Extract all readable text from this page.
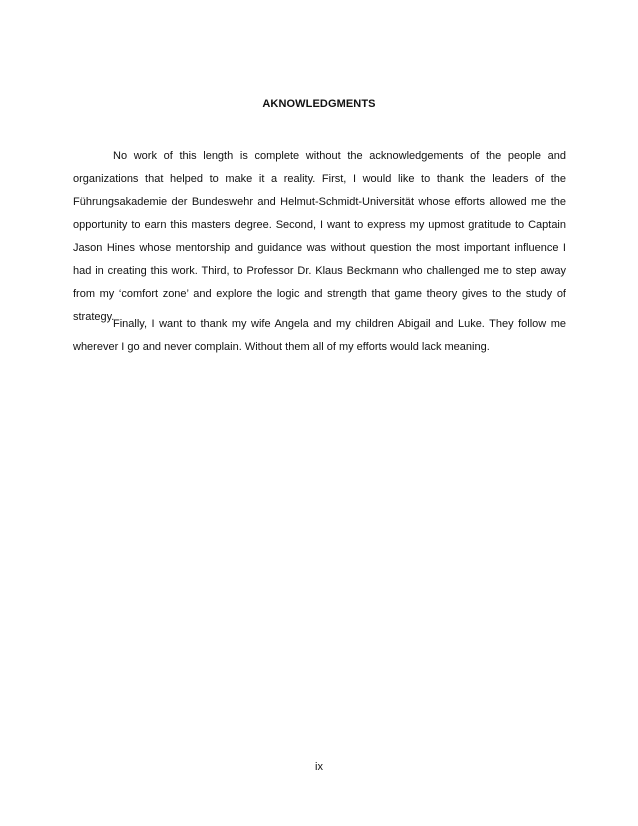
AKNOWLEDGMENTS

No work of this length is complete without the acknowledgements of the people and organizations that helped to make it a reality. First, I would like to thank the leaders of the Führungsakademie der Bundeswehr and Helmut-Schmidt-Universität whose efforts allowed me the opportunity to earn this masters degree. Second, I want to express my upmost gratitude to Captain Jason Hines whose mentorship and guidance was without question the most important influence I had in creating this work. Third, to Professor Dr. Klaus Beckmann who challenged me to step away from my ‘comfort zone’ and explore the logic and strength that game theory gives to the study of strategy.

Finally, I want to thank my wife Angela and my children Abigail and Luke. They follow me wherever I go and never complain. Without them all of my efforts would lack meaning.

ix
